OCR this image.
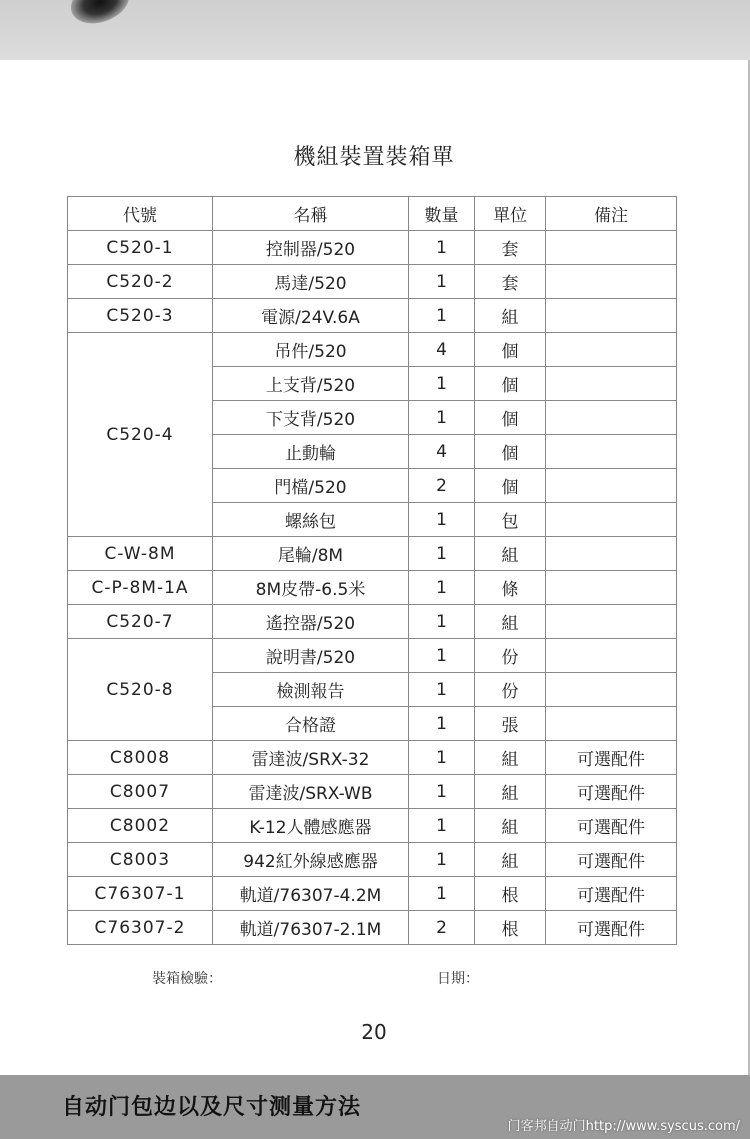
機組裝置裝箱單
代號	名稱	數量	單位	備注
C520-1	控制器/520	1	套	
C520-2	馬達/520	1	套	
C520-3	電源/24V.6A	1	組	
C520-4	吊件/520	4	個	
	上支背/520	1	個	
	下支背/520	1	個	
	止動輪	4	個	
	門檔/520	2	個	
	螺絲包	1	包	
C-W-8M	尾輪/8M	1	組	
C-P-8M-1A	8M皮帶-6.5米	1	條	
C520-7	遙控器/520	1	組	
C520-8	說明書/520	1	份	
	檢測報告	1	份	
	合格證	1	張	
C8008	雷達波/SRX-32	1	組	可選配件
C8007	雷達波/SRX-WB	1	組	可選配件
C8002	K-12人體感應器	1	組	可選配件
C8003	942紅外線感應器	1	組	可選配件
C76307-1	軌道/76307-4.2M	1	根	可選配件
C76307-2	軌道/76307-2.1M	2	根	可選配件
裝箱檢驗：	日期：
20
自动门包边以及尺寸测量方法
门客邦自动门http://www.syscus.com/
